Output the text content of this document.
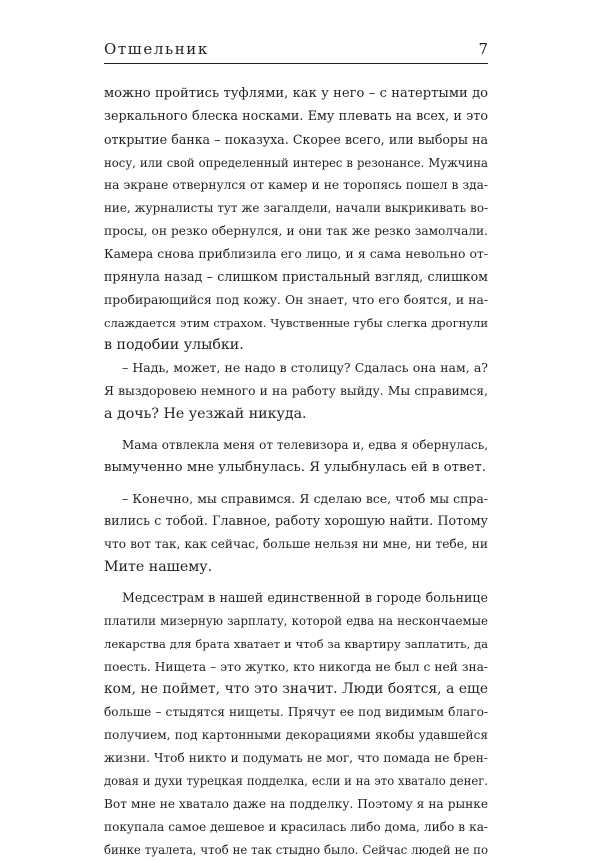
Отшельник	7
можно пройтись туфлями, как у него – с натертыми до
зеркального блеска носками. Ему плевать на всех, и это
открытие банка – показуха. Скорее всего, или выборы на
носу, или свой определенный интерес в резонансе. Мужчина
на экране отвернулся от камер и не торопясь пошел в зда-
ние, журналисты тут же загалдели, начали выкрикивать во-
просы, он резко обернулся, и они так же резко замолчали.
Камера снова приблизила его лицо, и я сама невольно от-
прянула назад – слишком пристальный взгляд, слишком
пробирающийся под кожу. Он знает, что его боятся, и на-
слаждается этим страхом. Чувственные губы слегка дрогнули
в подобии улыбки.
– Надь, может, не надо в столицу? Сдалась она нам, а?
Я выздоровею немного и на работу выйду. Мы справимся,
а дочь? Не уезжай никуда.
Мама отвлекла меня от телевизора и, едва я обернулась,
вымученно мне улыбнулась. Я улыбнулась ей в ответ.
– Конечно, мы справимся. Я сделаю все, чтоб мы спра-
вились с тобой. Главное, работу хорошую найти. Потому
что вот так, как сейчас, больше нельзя ни мне, ни тебе, ни
Мите нашему.
Медсестрам в нашей единственной в городе больнице
платили мизерную зарплату, которой едва на нескончаемые
лекарства для брата хватает и чтоб за квартиру заплатить, да
поесть. Нищета – это жутко, кто никогда не был с ней зна-
ком, не поймет, что это значит. Люди боятся, а еще
больше – стыдятся нищеты. Прячут ее под видимым благо-
получием, под картонными декорациями якобы удавшейся
жизни. Чтоб никто и подумать не мог, что помада не брен-
довая и духи турецкая подделка, если и на это хватало денег.
Вот мне не хватало даже на подделку. Поэтому я на рынке
покупала самое дешевое и красилась либо дома, либо в ка-
бинке туалета, чтоб не так стыдно было. Сейчас людей не по
